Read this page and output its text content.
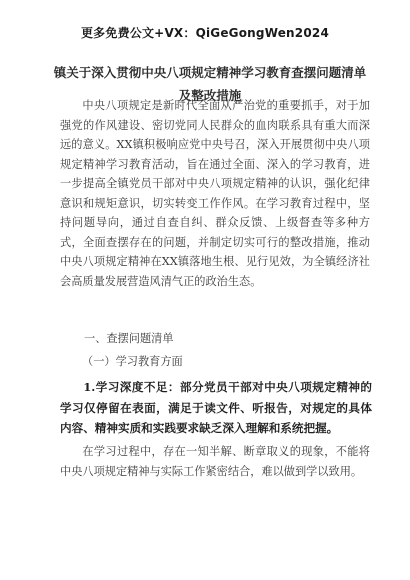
更多免费公文+VX：QiGeGongWen2024
镇关于深入贯彻中央八项规定精神学习教育查摆问题清单及整改措施

中央八项规定是新时代全面从严治党的重要抓手，对于加强党的作风建设、密切党同人民群众的血肉联系具有重大而深远的意义。XX镇积极响应党中央号召，深入开展贯彻中央八项规定精神学习教育活动，旨在通过全面、深入的学习教育，进一步提高全镇党员干部对中央八项规定精神的认识，强化纪律意识和规矩意识，切实转变工作作风。在学习教育过程中，坚持问题导向，通过自查自纠、群众反馈、上级督查等多种方式，全面查摆存在的问题，并制定切实可行的整改措施，推动中央八项规定精神在XX镇落地生根、见行见效，为全镇经济社会高质量发展营造风清气正的政治生态。

一、查摆问题清单
（一）学习教育方面

1.学习深度不足：部分党员干部对中央八项规定精神的学习仅停留在表面，满足于读文件、听报告，对规定的具体内容、精神实质和实践要求缺乏深入理解和系统把握。

在学习过程中，存在一知半解、断章取义的现象，不能将中央八项规定精神与实际工作紧密结合，难以做到学以致用。
